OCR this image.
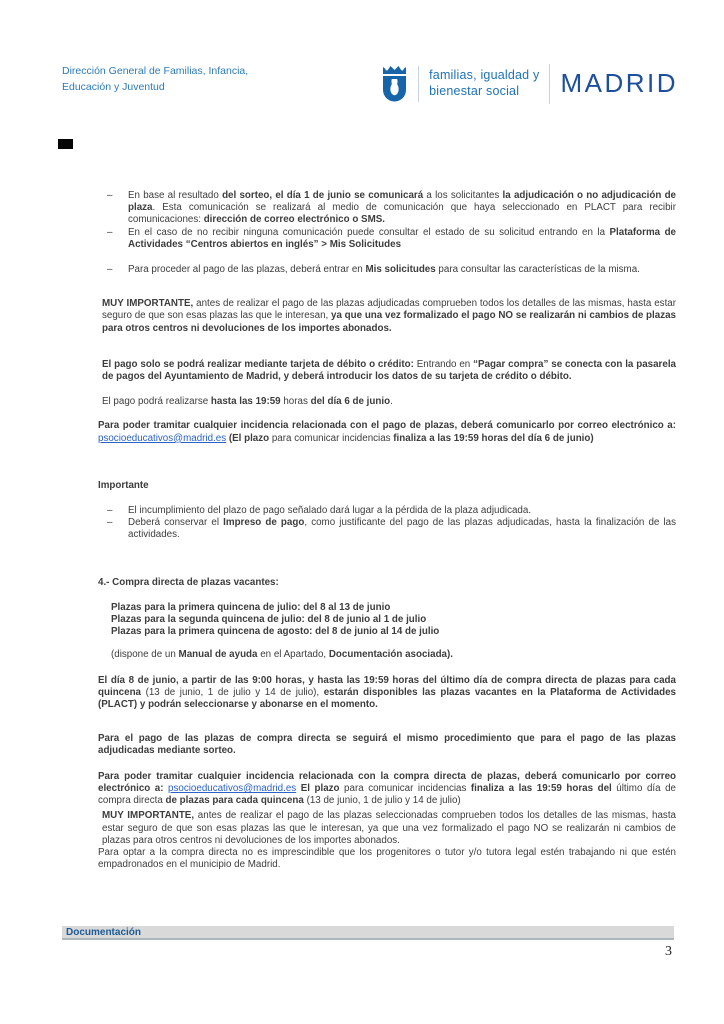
Dirección General de Familias, Infancia,
Educación y Juventud
familias, igualdad y
bienestar social	MADRID
–	En base al resultado del sorteo, el día 1 de junio se comunicará a los solicitantes la adjudicación o no adjudicación de plaza. Esta comunicación se realizará al medio de comunicación que haya seleccionado en PLACT para recibir comunicaciones: dirección de correo electrónico o SMS.
–	En el caso de no recibir ninguna comunicación puede consultar el estado de su solicitud entrando en la Plataforma de Actividades “Centros abiertos en inglés” > Mis Solicitudes
–	Para proceder al pago de las plazas, deberá entrar en Mis solicitudes para consultar las características de la misma.
MUY IMPORTANTE, antes de realizar el pago de las plazas adjudicadas comprueben todos los detalles de las mismas, hasta estar seguro de que son esas plazas las que le interesan, ya que una vez formalizado el pago NO se realizarán ni cambios de plazas para otros centros ni devoluciones de los importes abonados.
El pago solo se podrá realizar mediante tarjeta de débito o crédito: Entrando en “Pagar compra” se conecta con la pasarela de pagos del Ayuntamiento de Madrid, y deberá introducir los datos de su tarjeta de crédito o débito.
El pago podrá realizarse hasta las 19:59 horas del día 6 de junio.
Para poder tramitar cualquier incidencia relacionada con el pago de plazas, deberá comunicarlo por correo electrónico a: psocioeducativos@madrid.es (El plazo para comunicar incidencias finaliza a las 19:59 horas del día 6 de junio)
Importante
–	El incumplimiento del plazo de pago señalado dará lugar a la pérdida de la plaza adjudicada.
–	Deberá conservar el Impreso de pago, como justificante del pago de las plazas adjudicadas, hasta la finalización de las actividades.
4.- Compra directa de plazas vacantes:
Plazas para la primera quincena de julio: del 8 al 13 de junio
Plazas para la segunda quincena de julio: del 8 de junio al 1 de julio
Plazas para la primera quincena de agosto: del 8 de junio al 14 de julio
(dispone de un Manual de ayuda en el Apartado, Documentación asociada).
El día 8 de junio, a partir de las 9:00 horas, y hasta las 19:59 horas del último día de compra directa de plazas para cada quincena (13 de junio, 1 de julio y 14 de julio), estarán disponibles las plazas vacantes en la Plataforma de Actividades (PLACT) y podrán seleccionarse y abonarse en el momento.
Para el pago de las plazas de compra directa se seguirá el mismo procedimiento que para el pago de las plazas adjudicadas mediante sorteo.
Para poder tramitar cualquier incidencia relacionada con la compra directa de plazas, deberá comunicarlo por correo electrónico a: psocioeducativos@madrid.es El plazo para comunicar incidencias finaliza a las 19:59 horas del último día de compra directa de plazas para cada quincena (13 de junio, 1 de julio y 14 de julio)
MUY IMPORTANTE, antes de realizar el pago de las plazas seleccionadas comprueben todos los detalles de las mismas, hasta estar seguro de que son esas plazas las que le interesan, ya que una vez formalizado el pago NO se realizarán ni cambios de plazas para otros centros ni devoluciones de los importes abonados.
Para optar a la compra directa no es imprescindible que los progenitores o tutor y/o tutora legal estén trabajando ni que estén empadronados en el municipio de Madrid.
Documentación
3
